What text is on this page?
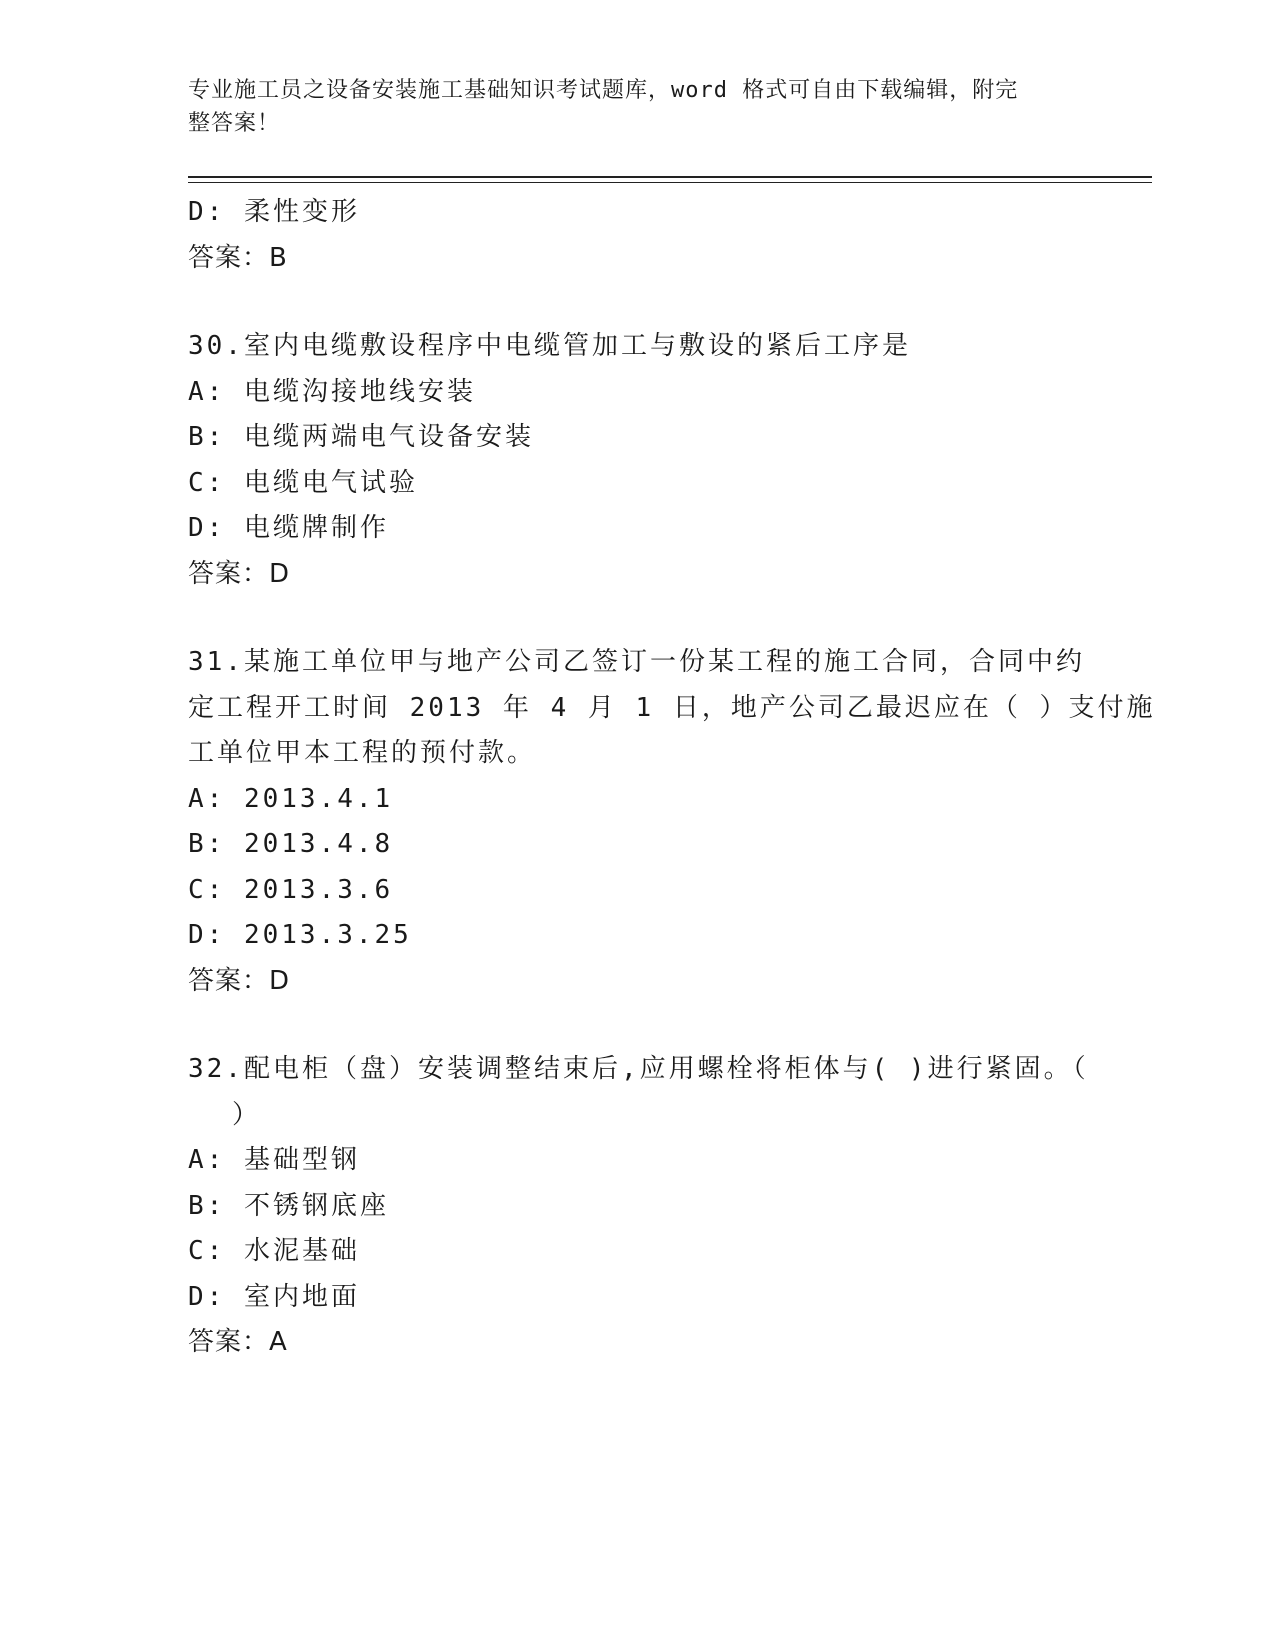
专业施工员之设备安装施工基础知识考试题库，word 格式可自由下载编辑，附完
整答案！
D: 柔性变形
答案：B
30.室内电缆敷设程序中电缆管加工与敷设的紧后工序是
A: 电缆沟接地线安装
B: 电缆两端电气设备安装
C: 电缆电气试验
D: 电缆牌制作
答案：D
31.某施工单位甲与地产公司乙签订一份某工程的施工合同，合同中约
定工程开工时间 2013 年 4 月 1 日，地产公司乙最迟应在（ ）支付施
工单位甲本工程的预付款。
A: 2013.4.1
B: 2013.4.8
C: 2013.3.6
D: 2013.3.25
答案：D
32.配电柜（盘）安装调整结束后,应用螺栓将柜体与( )进行紧固。（
）
A: 基础型钢
B: 不锈钢底座
C: 水泥基础
D: 室内地面
答案：A
